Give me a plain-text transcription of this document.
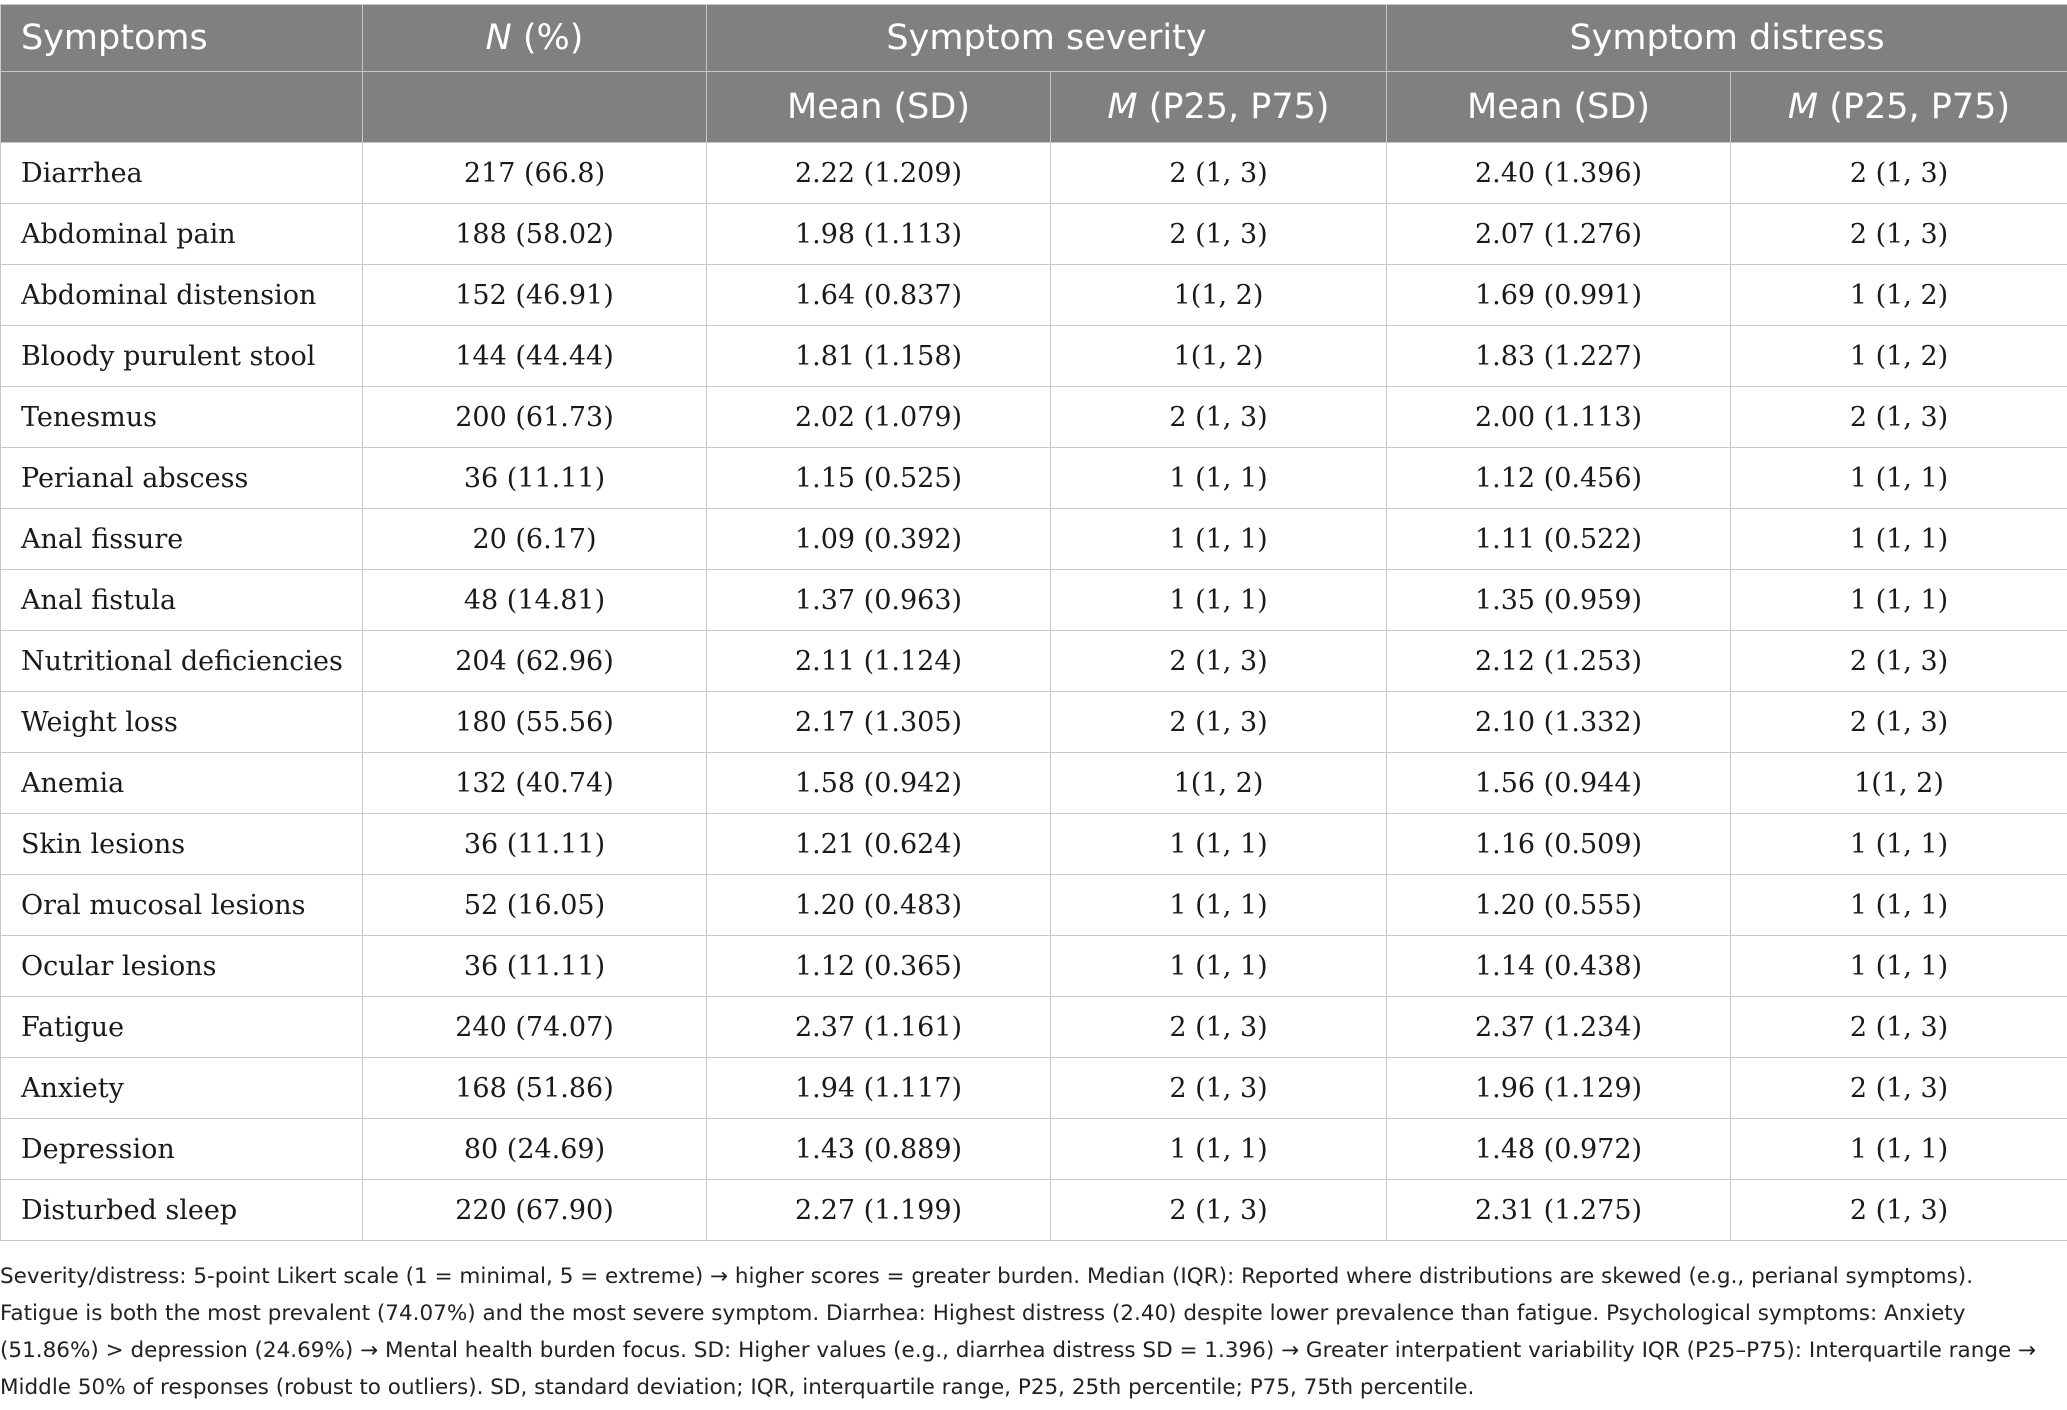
Symptoms	N (%)	Symptom severity		Symptom distress	
		Mean (SD)	M (P25, P75)	Mean (SD)	M (P25, P75)
Diarrhea	217 (66.8)	2.22 (1.209)	2 (1, 3)	2.40 (1.396)	2 (1, 3)
Abdominal pain	188 (58.02)	1.98 (1.113)	2 (1, 3)	2.07 (1.276)	2 (1, 3)
Abdominal distension	152 (46.91)	1.64 (0.837)	1(1, 2)	1.69 (0.991)	1 (1, 2)
Bloody purulent stool	144 (44.44)	1.81 (1.158)	1(1, 2)	1.83 (1.227)	1 (1, 2)
Tenesmus	200 (61.73)	2.02 (1.079)	2 (1, 3)	2.00 (1.113)	2 (1, 3)
Perianal abscess	36 (11.11)	1.15 (0.525)	1 (1, 1)	1.12 (0.456)	1 (1, 1)
Anal fissure	20 (6.17)	1.09 (0.392)	1 (1, 1)	1.11 (0.522)	1 (1, 1)
Anal fistula	48 (14.81)	1.37 (0.963)	1 (1, 1)	1.35 (0.959)	1 (1, 1)
Nutritional deficiencies	204 (62.96)	2.11 (1.124)	2 (1, 3)	2.12 (1.253)	2 (1, 3)
Weight loss	180 (55.56)	2.17 (1.305)	2 (1, 3)	2.10 (1.332)	2 (1, 3)
Anemia	132 (40.74)	1.58 (0.942)	1(1, 2)	1.56 (0.944)	1(1, 2)
Skin lesions	36 (11.11)	1.21 (0.624)	1 (1, 1)	1.16 (0.509)	1 (1, 1)
Oral mucosal lesions	52 (16.05)	1.20 (0.483)	1 (1, 1)	1.20 (0.555)	1 (1, 1)
Ocular lesions	36 (11.11)	1.12 (0.365)	1 (1, 1)	1.14 (0.438)	1 (1, 1)
Fatigue	240 (74.07)	2.37 (1.161)	2 (1, 3)	2.37 (1.234)	2 (1, 3)
Anxiety	168 (51.86)	1.94 (1.117)	2 (1, 3)	1.96 (1.129)	2 (1, 3)
Depression	80 (24.69)	1.43 (0.889)	1 (1, 1)	1.48 (0.972)	1 (1, 1)
Disturbed sleep	220 (67.90)	2.27 (1.199)	2 (1, 3)	2.31 (1.275)	2 (1, 3)
Severity/distress: 5-point Likert scale (1 = minimal, 5 = extreme) → higher scores = greater burden. Median (IQR): Reported where distributions are skewed (e.g., perianal symptoms). Fatigue is both the most prevalent (74.07%) and the most severe symptom. Diarrhea: Highest distress (2.40) despite lower prevalence than fatigue. Psychological symptoms: Anxiety (51.86%) > depression (24.69%) → Mental health burden focus. SD: Higher values (e.g., diarrhea distress SD = 1.396) → Greater interpatient variability IQR (P25–P75): Interquartile range → Middle 50% of responses (robust to outliers). SD, standard deviation; IQR, interquartile range, P25, 25th percentile; P75, 75th percentile.
